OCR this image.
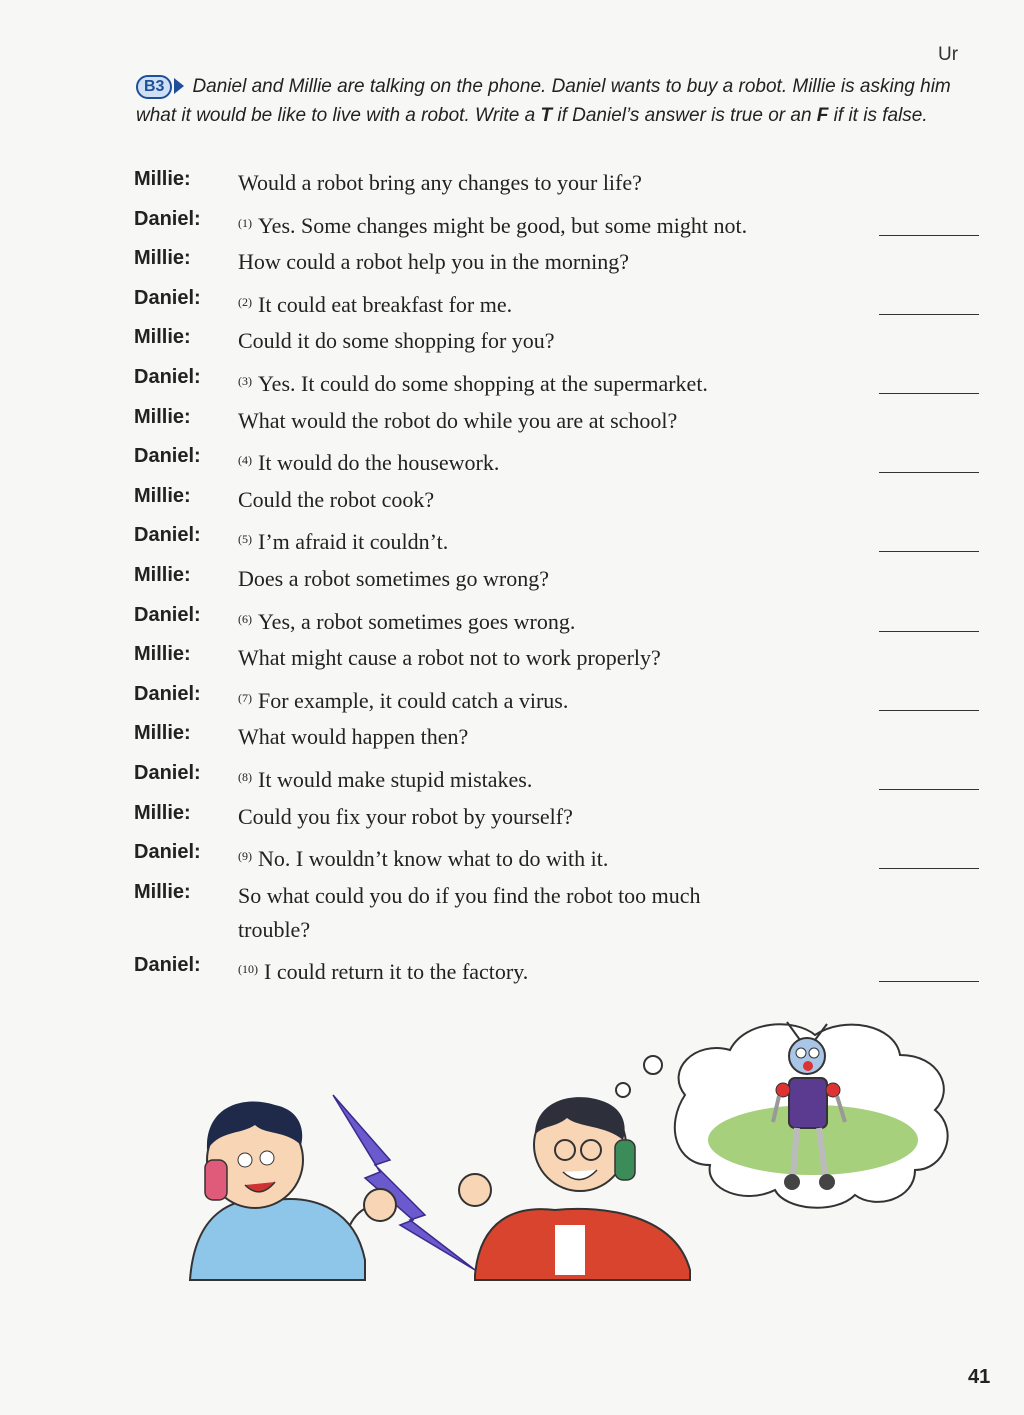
Ur
B3 Daniel and Millie are talking on the phone. Daniel wants to buy a robot. Millie is asking him what it would be like to live with a robot. Write a T if Daniel’s answer is true or an F if it is false.
Millie: Would a robot bring any changes to your life?
Daniel:	$^{(1)}$ Yes. Some changes might be good, but some might not.
Millie: How could a robot help you in the morning?
Daniel:	$^{(2)}$ It could eat breakfast for me.
Millie: Could it do some shopping for you?
Daniel:	$^{(3)}$ Yes. It could do some shopping at the supermarket.
Millie: What would the robot do while you are at school?
Daniel:	$^{(4)}$ It would do the housework.
Millie: Could the robot cook?
Daniel:	$^{(5)}$ I’m afraid it couldn’t.
Millie: Does a robot sometimes go wrong?
Daniel:	$^{(6)}$ Yes, a robot sometimes goes wrong.
Millie: What might cause a robot not to work properly?
Daniel:	$^{(7)}$ For example, it could catch a virus.
Millie: What would happen then?
Daniel:	$^{(8)}$ It would make stupid mistakes.
Millie: Could you fix your robot by yourself?
Daniel:	$^{(9)}$ No. I wouldn’t know what to do with it.
Millie: So what could you do if you find the robot too much trouble?
Daniel:	$^{(10)}$ I could return it to the factory.
41
